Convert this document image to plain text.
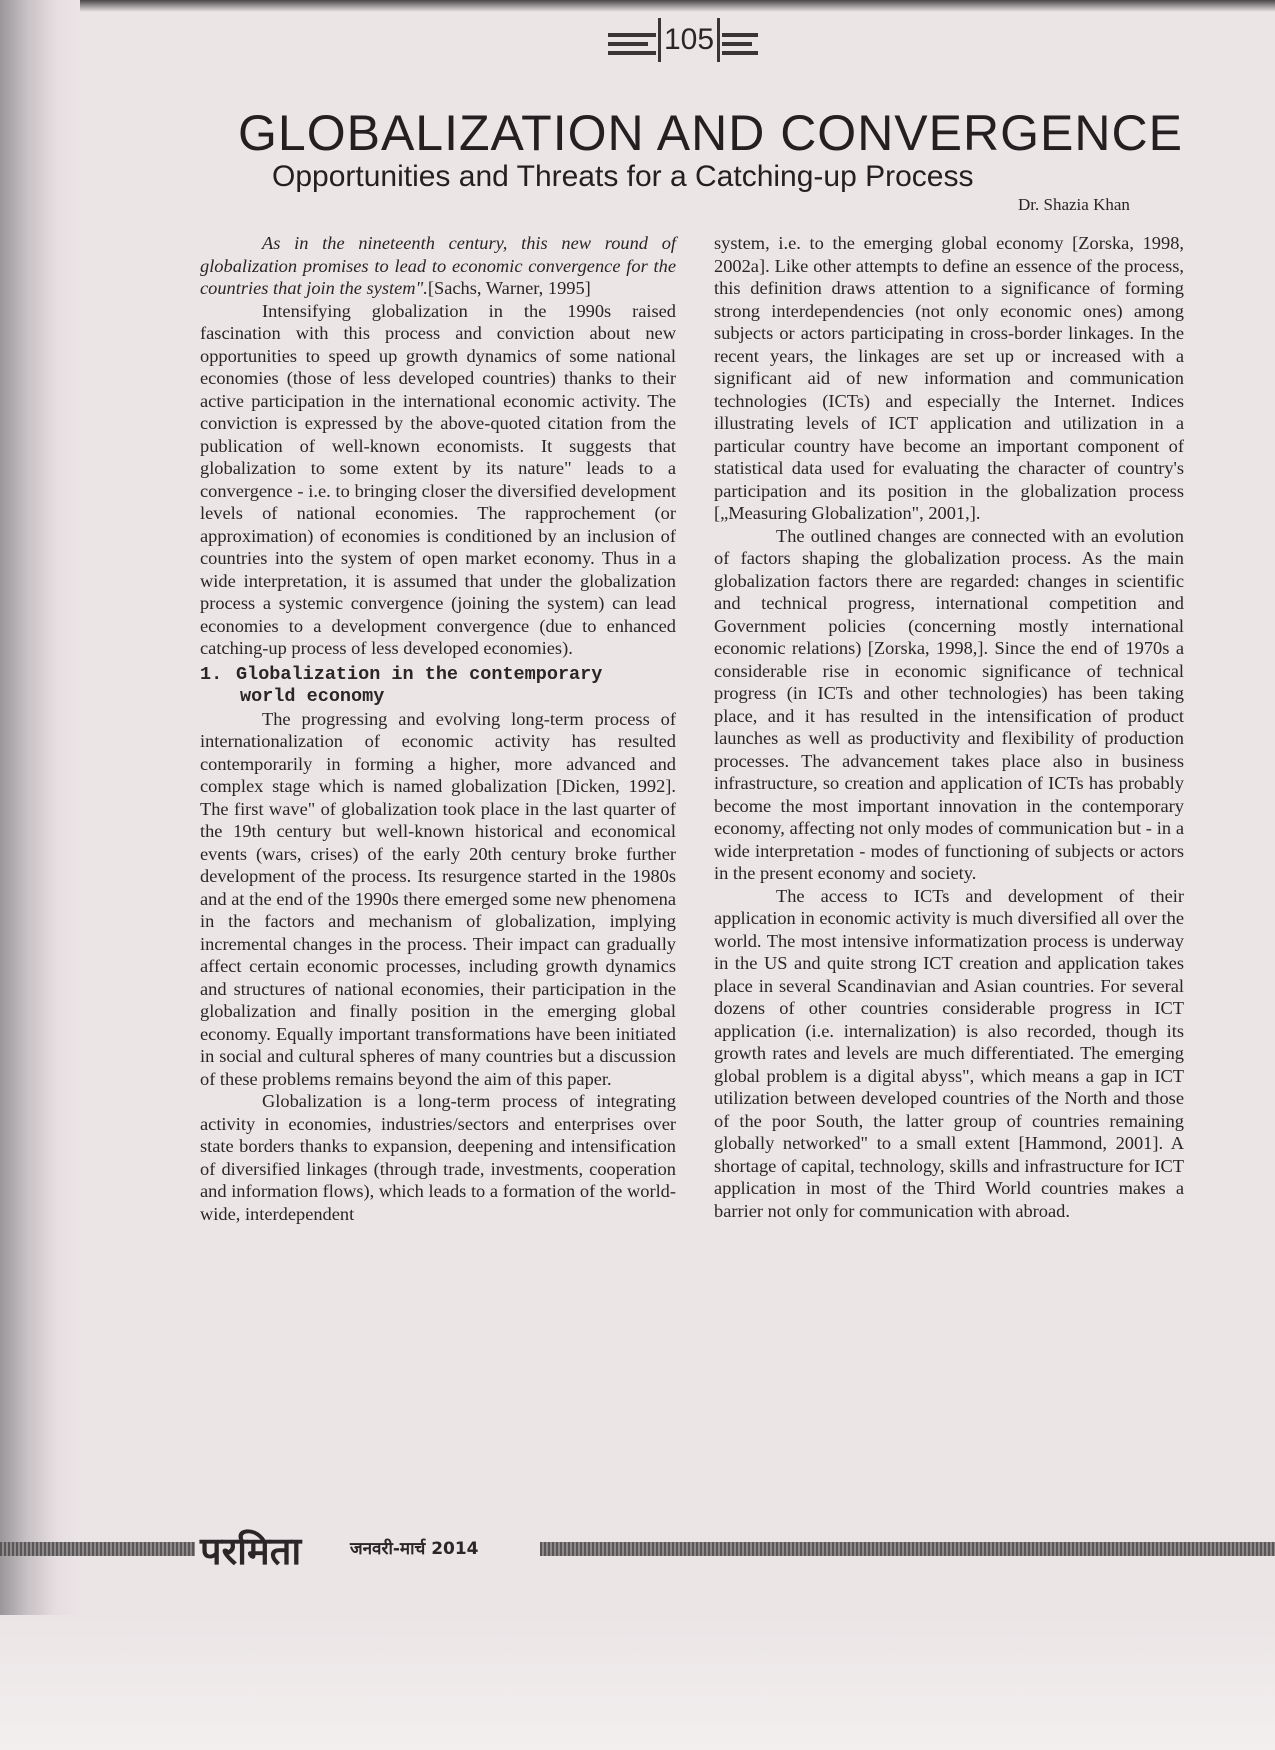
105
GLOBALIZATION AND CONVERGENCE
Opportunities and Threats for a Catching-up Process
Dr. Shazia Khan

As in the nineteenth century, this new round of globalization promises to lead to economic convergence for the countries that join the system".[Sachs, Warner, 1995]

Intensifying globalization in the 1990s raised fascination with this process and conviction about new opportunities to speed up growth dynamics of some national economies (those of less developed countries) thanks to their active participation in the international economic activity. The conviction is expressed by the above-quoted citation from the publication of well-known economists. It suggests that globalization to some extent by its nature" leads to a convergence - i.e. to bringing closer the diversified development levels of national economies. The rapprochement (or approximation) of economies is conditioned by an inclusion of countries into the system of open market economy. Thus in a wide interpretation, it is assumed that under the globalization process a systemic convergence (joining the system) can lead economies to a development convergence (due to enhanced catching-up process of less developed economies).

1. Globalization in the contemporary
world economy

The progressing and evolving long-term process of internationalization of economic activity has resulted contemporarily in forming a higher, more advanced and complex stage which is named globalization [Dicken, 1992]. The first wave" of globalization took place in the last quarter of the 19th century but well-known historical and economical events (wars, crises) of the early 20th century broke further development of the process. Its resurgence started in the 1980s and at the end of the 1990s there emerged some new phenomena in the factors and mechanism of globalization, implying incremental changes in the process. Their impact can gradually affect certain economic processes, including growth dynamics and structures of national economies, their participation in the globalization and finally position in the emerging global economy. Equally important transformations have been initiated in social and cultural spheres of many countries but a discussion of these problems remains beyond the aim of this paper.

Globalization is a long-term process of integrating activity in economies, industries/sectors and enterprises over state borders thanks to expansion, deepening and intensification of diversified linkages (through trade, investments, cooperation and information flows), which leads to a formation of the world-wide, interdependent

system, i.e. to the emerging global economy [Zorska, 1998, 2002a]. Like other attempts to define an essence of the process, this definition draws attention to a significance of forming strong interdependencies (not only economic ones) among subjects or actors participating in cross-border linkages. In the recent years, the linkages are set up or increased with a significant aid of new information and communication technologies (ICTs) and especially the Internet. Indices illustrating levels of ICT application and utilization in a particular country have become an important component of statistical data used for evaluating the character of country's participation and its position in the globalization process [„Measuring Globalization", 2001,].

The outlined changes are connected with an evolution of factors shaping the globalization process. As the main globalization factors there are regarded: changes in scientific and technical progress, international competition and Government policies (concerning mostly international economic relations) [Zorska, 1998,]. Since the end of 1970s a considerable rise in economic significance of technical progress (in ICTs and other technologies) has been taking place, and it has resulted in the intensification of product launches as well as productivity and flexibility of production processes. The advancement takes place also in business infrastructure, so creation and application of ICTs has probably become the most important innovation in the contemporary economy, affecting not only modes of communication but - in a wide interpretation - modes of functioning of subjects or actors in the present economy and society.

The access to ICTs and development of their application in economic activity is much diversified all over the world. The most intensive informatization process is underway in the US and quite strong ICT creation and application takes place in several Scandinavian and Asian countries. For several dozens of other countries considerable progress in ICT application (i.e. internalization) is also recorded, though its growth rates and levels are much differentiated. The emerging global problem is a digital abyss", which means a gap in ICT utilization between developed countries of the North and those of the poor South, the latter group of countries remaining globally networked" to a small extent [Hammond, 2001]. A shortage of capital, technology, skills and infrastructure for ICT application in most of the Third World countries makes a barrier not only for communication with abroad.

परमिता	जनवरी-मार्च 2014
